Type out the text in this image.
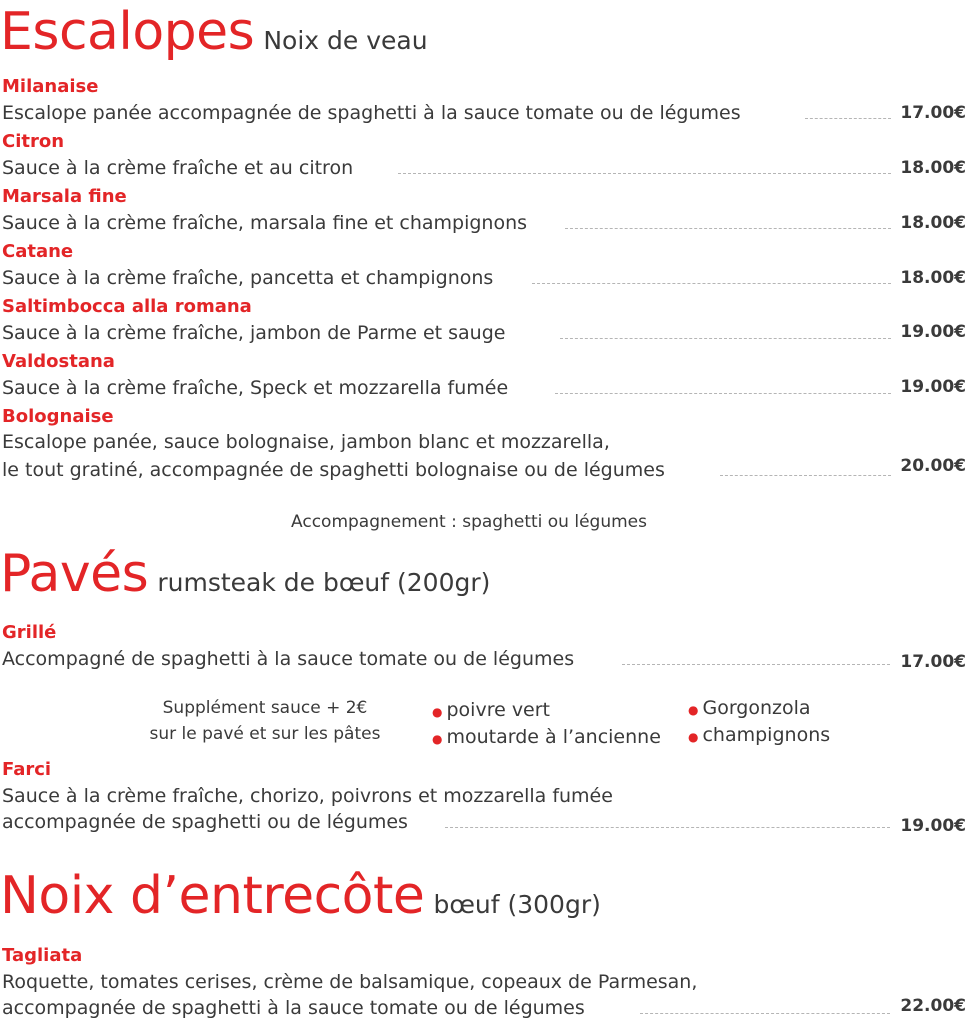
Escalopes Noix de veau
Milanaise
Escalope panée accompagnée de spaghetti à la sauce tomate ou de légumes	17.00€
Citron
Sauce à la crème fraîche et au citron	18.00€
Marsala fine
Sauce à la crème fraîche, marsala fine et champignons	18.00€
Catane
Sauce à la crème fraîche, pancetta et champignons	18.00€
Saltimbocca alla romana
Sauce à la crème fraîche, jambon de Parme et sauge	19.00€
Valdostana
Sauce à la crème fraîche, Speck et mozzarella fumée	19.00€
Bolognaise
Escalope panée, sauce bolognaise, jambon blanc et mozzarella,
le tout gratiné, accompagnée de spaghetti bolognaise ou de légumes	20.00€
Accompagnement : spaghetti ou légumes
Pavés rumsteak de bœuf (200gr)
Grillé
Accompagné de spaghetti à la sauce tomate ou de légumes	17.00€
Supplément sauce + 2€
sur le pavé et sur les pâtes
● poivre vert
● moutarde à l’ancienne
● Gorgonzola
● champignons
Farci
Sauce à la crème fraîche, chorizo, poivrons et mozzarella fumée
accompagnée de spaghetti ou de légumes	19.00€
Noix d’entrecôte bœuf (300gr)
Tagliata
Roquette, tomates cerises, crème de balsamique, copeaux de Parmesan,
accompagnée de spaghetti à la sauce tomate ou de légumes	22.00€
